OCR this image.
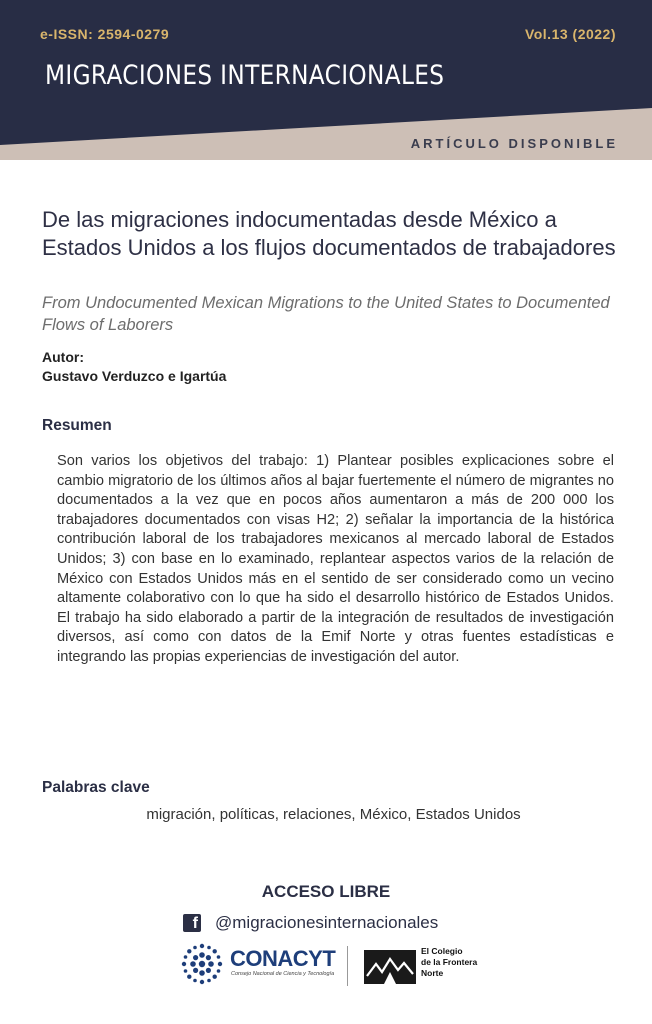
e-ISSN: 2594-0279	Vol.13 (2022)
MIGRACIONES INTERNACIONALES
ARTÍCULO DISPONIBLE
De las migraciones indocumentadas desde México a Estados Unidos a los flujos documentados de trabajadores
From Undocumented Mexican Migrations to the United States to Documented Flows of Laborers
Autor:
Gustavo Verduzco e Igartúa
Resumen

Son varios los objetivos del trabajo: 1) Plantear posibles explicaciones sobre el cambio migratorio de los últimos años al bajar fuertemente el número de migrantes no documentados a la vez que en pocos años aumentaron a más de 200 000 los trabajadores documentados con visas H2; 2) señalar la importancia de la histórica contribución laboral de los trabajadores mexicanos al mercado laboral de Estados Unidos; 3) con base en lo examinado, replantear aspectos varios de la relación de México con Estados Unidos más en el sentido de ser considerado como un vecino altamente colaborativo con lo que ha sido el desarrollo histórico de Estados Unidos. El trabajo ha sido elaborado a partir de la integración de resultados de investigación diversos, así como con datos de la Emif Norte y otras fuentes estadísticas e integrando las propias experiencias de investigación del autor.

Palabras clave
migración, políticas, relaciones, México, Estados Unidos
ACCESO LIBRE
f @migracionesinternacionales
CONACYT
Consejo Nacional de Ciencia y Tecnología
El Colegio
de la Frontera
Norte
